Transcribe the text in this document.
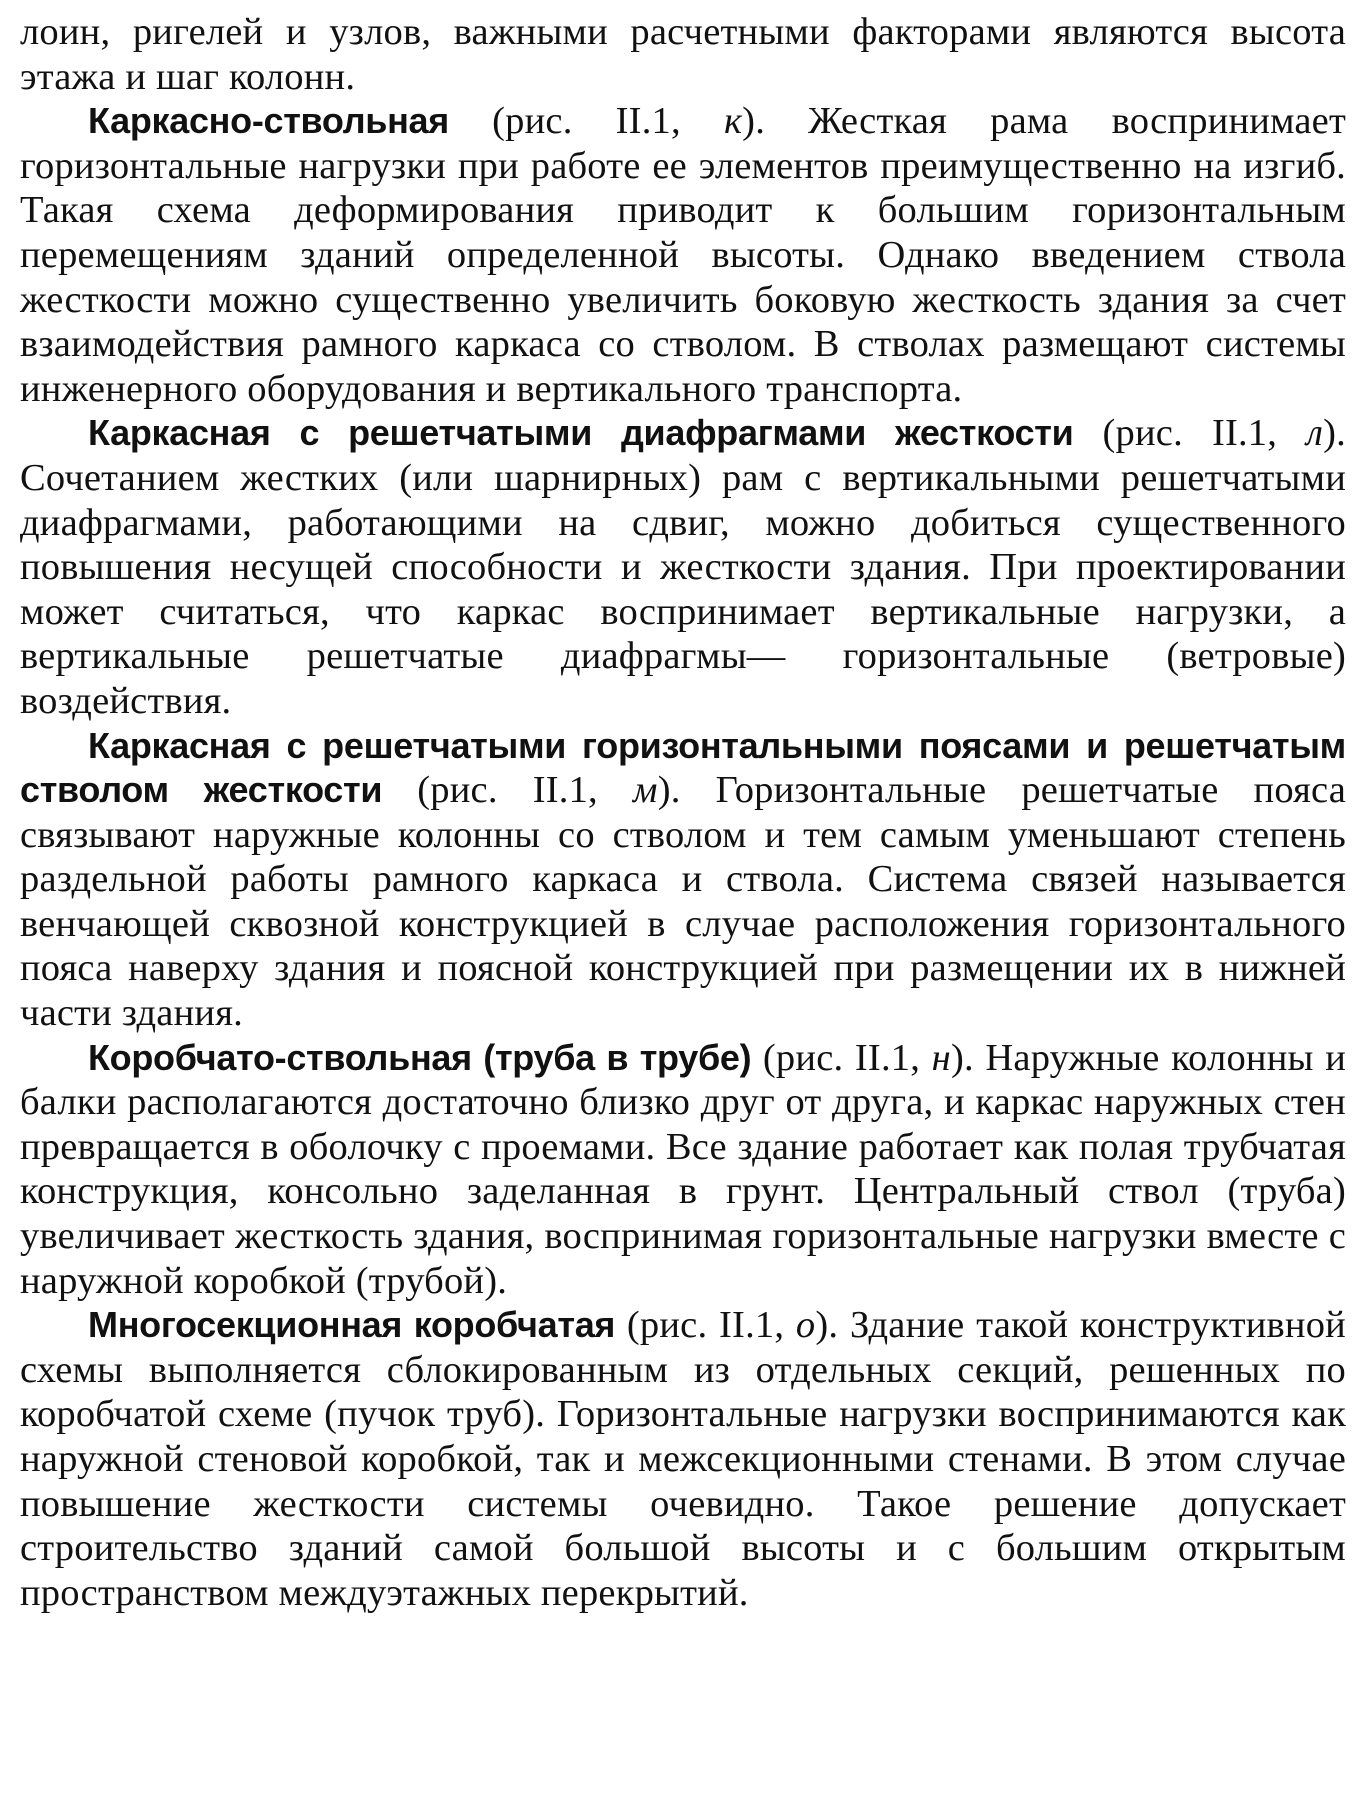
лоин, ригелей и узлов, важными расчетными факторами являются высота этажа и шаг колонн.

Каркасно-ствольная (рис. II.1, к). Жесткая рама воспринимает горизонтальные нагрузки при работе ее элементов преимущественно на изгиб. Такая схема деформирования приводит к большим горизонтальным перемещениям зданий определенной высоты. Однако введением ствола жесткости можно существенно увеличить боковую жесткость здания за счет взаимодействия рамного каркаса со стволом. В стволах размещают системы инженерного оборудования и вертикального транспорта.

Каркасная с решетчатыми диафрагмами жесткости (рис. II.1, л). Сочетанием жестких (или шарнирных) рам с вертикальными решетчатыми диафрагмами, работающими на сдвиг, можно добиться существенного повышения несущей способности и жесткости здания. При проектировании может считаться, что каркас воспринимает вертикальные нагрузки, а вертикальные решетчатые диафрагмы— горизонтальные (ветровые) воздействия.

Каркасная с решетчатыми горизонтальными поясами и решетчатым стволом жесткости (рис. II.1, м). Горизонтальные решетчатые пояса связывают наружные колонны со стволом и тем самым уменьшают степень раздельной работы рамного каркаса и ствола. Система связей называется венчающей сквозной конструкцией в случае расположения горизонтального пояса наверху здания и поясной конструкцией при размещении их в нижней части здания.

Коробчато-ствольная (труба в трубе) (рис. II.1, н). Наружные колонны и балки располагаются достаточно близко друг от друга, и каркас наружных стен превращается в оболочку с проемами. Все здание работает как полая трубчатая конструкция, консольно заделанная в грунт. Центральный ствол (труба) увеличивает жесткость здания, воспринимая горизонтальные нагрузки вместе с наружной коробкой (трубой).

Многосекционная коробчатая (рис. II.1, о). Здание такой конструктивной схемы выполняется сблокированным из отдельных секций, решенных по коробчатой схеме (пучок труб). Горизонтальные нагрузки воспринимаются как наружной стеновой коробкой, так и межсекционными стенами. В этом случае повышение жесткости системы очевидно. Такое решение допускает строительство зданий самой большой высоты и с большим открытым пространством междуэтажных перекрытий.
